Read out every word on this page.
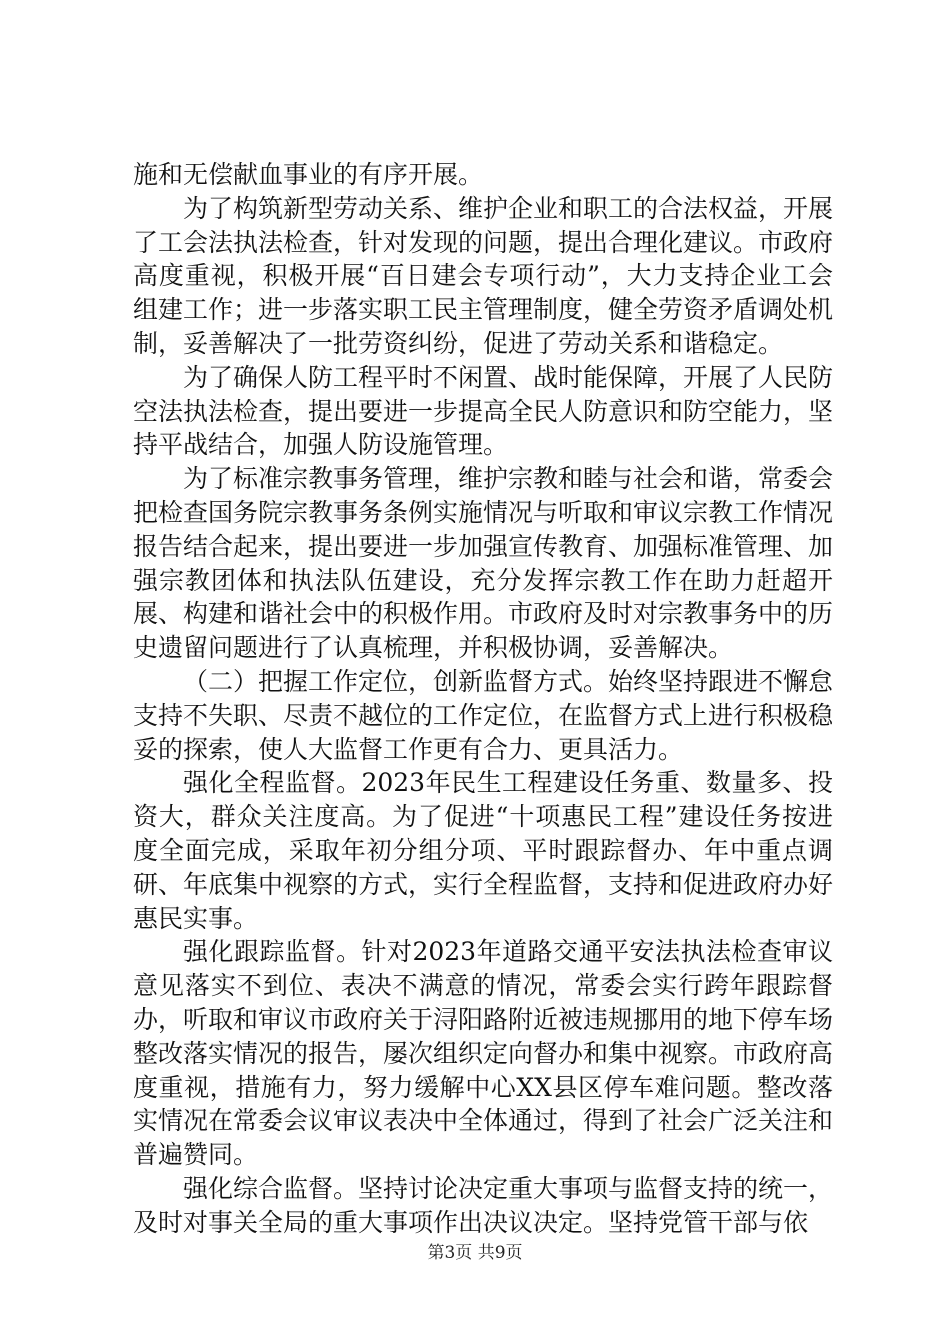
施和无偿献血事业的有序开展。

为了构筑新型劳动关系、维护企业和职工的合法权益，开展了工会法执法检查，针对发现的问题，提出合理化建议。市政府高度重视，积极开展“百日建会专项行动”，大力支持企业工会组建工作；进一步落实职工民主管理制度，健全劳资矛盾调处机制，妥善解决了一批劳资纠纷，促进了劳动关系和谐稳定。

为了确保人防工程平时不闲置、战时能保障，开展了人民防空法执法检查，提出要进一步提高全民人防意识和防空能力，坚持平战结合，加强人防设施管理。

为了标准宗教事务管理，维护宗教和睦与社会和谐，常委会把检查国务院宗教事务条例实施情况与听取和审议宗教工作情况报告结合起来，提出要进一步加强宣传教育、加强标准管理、加强宗教团体和执法队伍建设，充分发挥宗教工作在助力赶超开展、构建和谐社会中的积极作用。市政府及时对宗教事务中的历史遗留问题进行了认真梳理，并积极协调，妥善解决。

（二）把握工作定位，创新监督方式。始终坚持跟进不懈怠支持不失职、尽责不越位的工作定位，在监督方式上进行积极稳妥的探索，使人大监督工作更有合力、更具活力。

强化全程监督。2023年民生工程建设任务重、数量多、投资大，群众关注度高。为了促进“十项惠民工程”建设任务按进度全面完成，采取年初分组分项、平时跟踪督办、年中重点调研、年底集中视察的方式，实行全程监督，支持和促进政府办好惠民实事。

强化跟踪监督。针对2023年道路交通平安法执法检查审议意见落实不到位、表决不满意的情况，常委会实行跨年跟踪督办，听取和审议市政府关于浔阳路附近被违规挪用的地下停车场整改落实情况的报告，屡次组织定向督办和集中视察。市政府高度重视，措施有力，努力缓解中心XX县区停车难问题。整改落实情况在常委会议审议表决中全体通过，得到了社会广泛关注和普遍赞同。

强化综合监督。坚持讨论决定重大事项与监督支持的统一，及时对事关全局的重大事项作出决议决定。坚持党管干部与依

第3页 共9页
